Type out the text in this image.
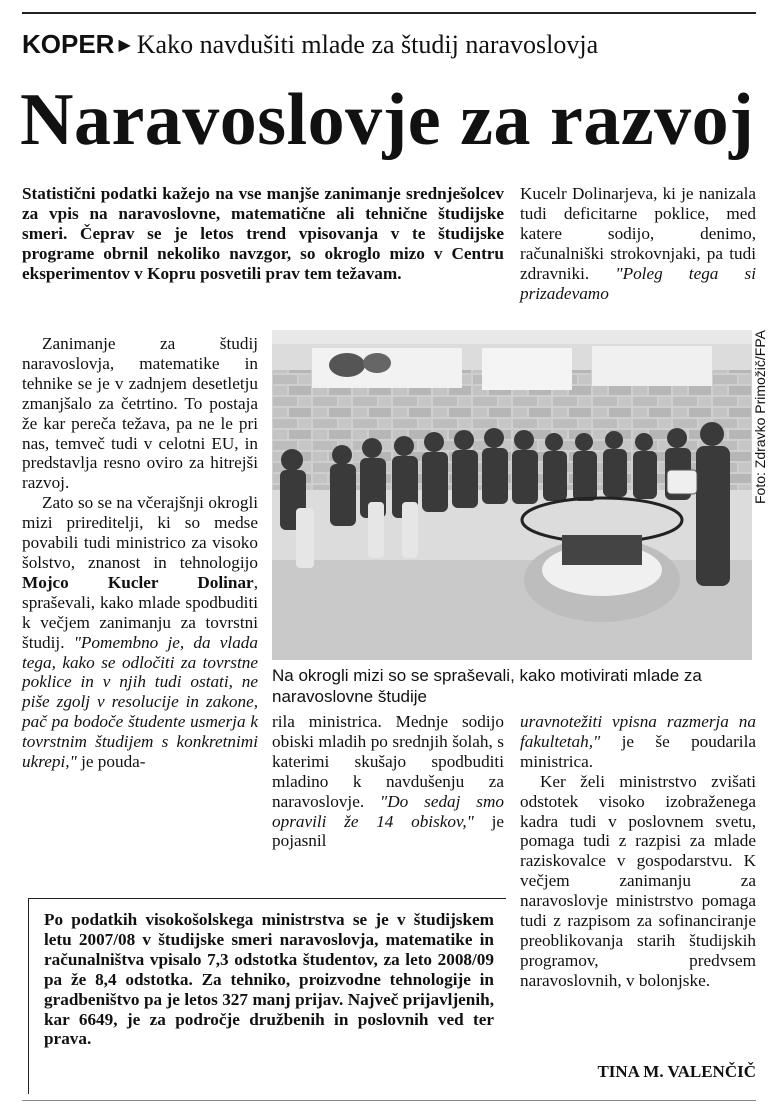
KOPER ▶ Kako navdušiti mlade za študij naravoslovja
Naravoslovje za razvoj

Statistični podatki kažejo na vse manjše zanimanje srednješolcev za vpis na naravoslovne, matematične ali tehnične študijske smeri. Čeprav se je letos trend vpisovanja v te študijske programe obrnil nekoliko navzgor, so okroglo mizo v Centru eksperimentov v Kopru posvetili prav tem težavam.

Kucelr Dolinarjeva, ki je nanizala tudi deficitarne poklice, med katere sodijo, denimo, računalniški strokovnjaki, pa tudi zdravniki. "Poleg tega si prizadevamo

Zanimanje za študij naravoslovja, matematike in tehnike se je v zadnjem desetletju zmanjšalo za četrtino. To postaja že kar pereča težava, pa ne le pri nas, temveč tudi v celotni EU, in predstavlja resno oviro za hitrejši razvoj.

Zato so se na včerajšnji okrogli mizi prireditelji, ki so medse povabili tudi ministrico za visoko šolstvo, znanost in tehnologijo Mojco Kucler Dolinar, spraševali, kako mlade spodbuditi k večjem zanimanju za tovrstni študij. "Pomembno je, da vlada tega, kako se odločiti za tovrstne poklice in v njih tudi ostati, ne piše zgolj v resolucije in zakone, pač pa bodoče študente usmerja k tovrstnim študijem s konkretnimi ukrepi," je pouda-

Foto: Zdravko Primožič/FPA
Na okrogli mizi so se spraševali, kako motivirati mlade za naravoslovne študije

rila ministrica. Mednje sodijo obiski mladih po srednjih šolah, s katerimi skušajo spodbuditi mladino k navdušenju za naravoslovje. "Do sedaj smo opravili že 14 obiskov," je pojasnil

uravnotežiti vpisna razmerja na fakultetah," je še poudarila ministrica.

Ker želi ministrstvo zvišati odstotek visoko izobraženega kadra tudi v poslovnem svetu, pomaga tudi z razpisi za mlade raziskovalce v gospodarstvu. K večjem zanimanju za naravoslovje ministrstvo pomaga tudi z razpisom za sofinanciranje preoblikovanja starih študijskih programov, predvsem naravoslovnih, v bolonjske.

Po podatkih visokošolskega ministrstva se je v študijskem letu 2007/08 v študijske smeri naravoslovja, matematike in računalništva vpisalo 7,3 odstotka študentov, za leto 2008/09 pa že 8,4 odstotka. Za tehniko, proizvodne tehnologije in gradbeništvo pa je letos 327 manj prijav. Največ prijavljenih, kar 6649, je za področje družbenih in poslovnih ved ter prava.

TINA M. VALENČIČ
